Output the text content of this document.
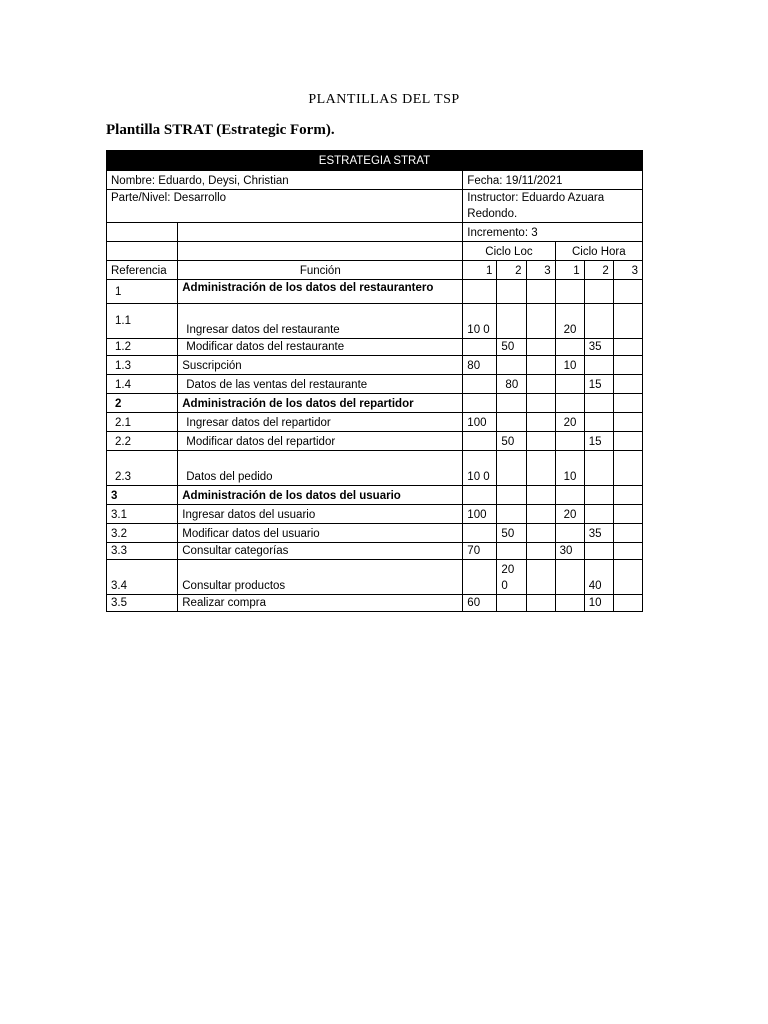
PLANTILLAS DEL TSP
Plantilla STRAT (Estrategic Form).
ESTRATEGIA STRAT							
Nombre: Eduardo, Deysi, Christian		Fecha: 19/11/2021					
Parte/Nivel: Desarrollo		Instructor: Eduardo Azuara Redondo.					
		Incremento: 3					
		Ciclo Loc			Ciclo Hora		
Referencia	Función	1	2	3	1	2	3
1	Administración de los datos del restaurantero						
1.1	Ingresar datos del restaurante	10 0			20		
1.2	Modificar datos del restaurante		50			35	
1.3	Suscripción	80			10		
1.4	Datos de las ventas del restaurante		80			15	
2	Administración de los datos del repartidor						
2.1	Ingresar datos del repartidor	100			20		
2.2	Modificar datos del repartidor		50			15	
2.3	Datos del pedido	10 0			10		
3	Administración de los datos del usuario						
3.1	Ingresar datos del usuario	100			20		
3.2	Modificar datos del usuario		50			35	
3.3	Consultar categorías	70			30		
3.4	Consultar productos		20 0			40	
3.5	Realizar compra	60				10	
